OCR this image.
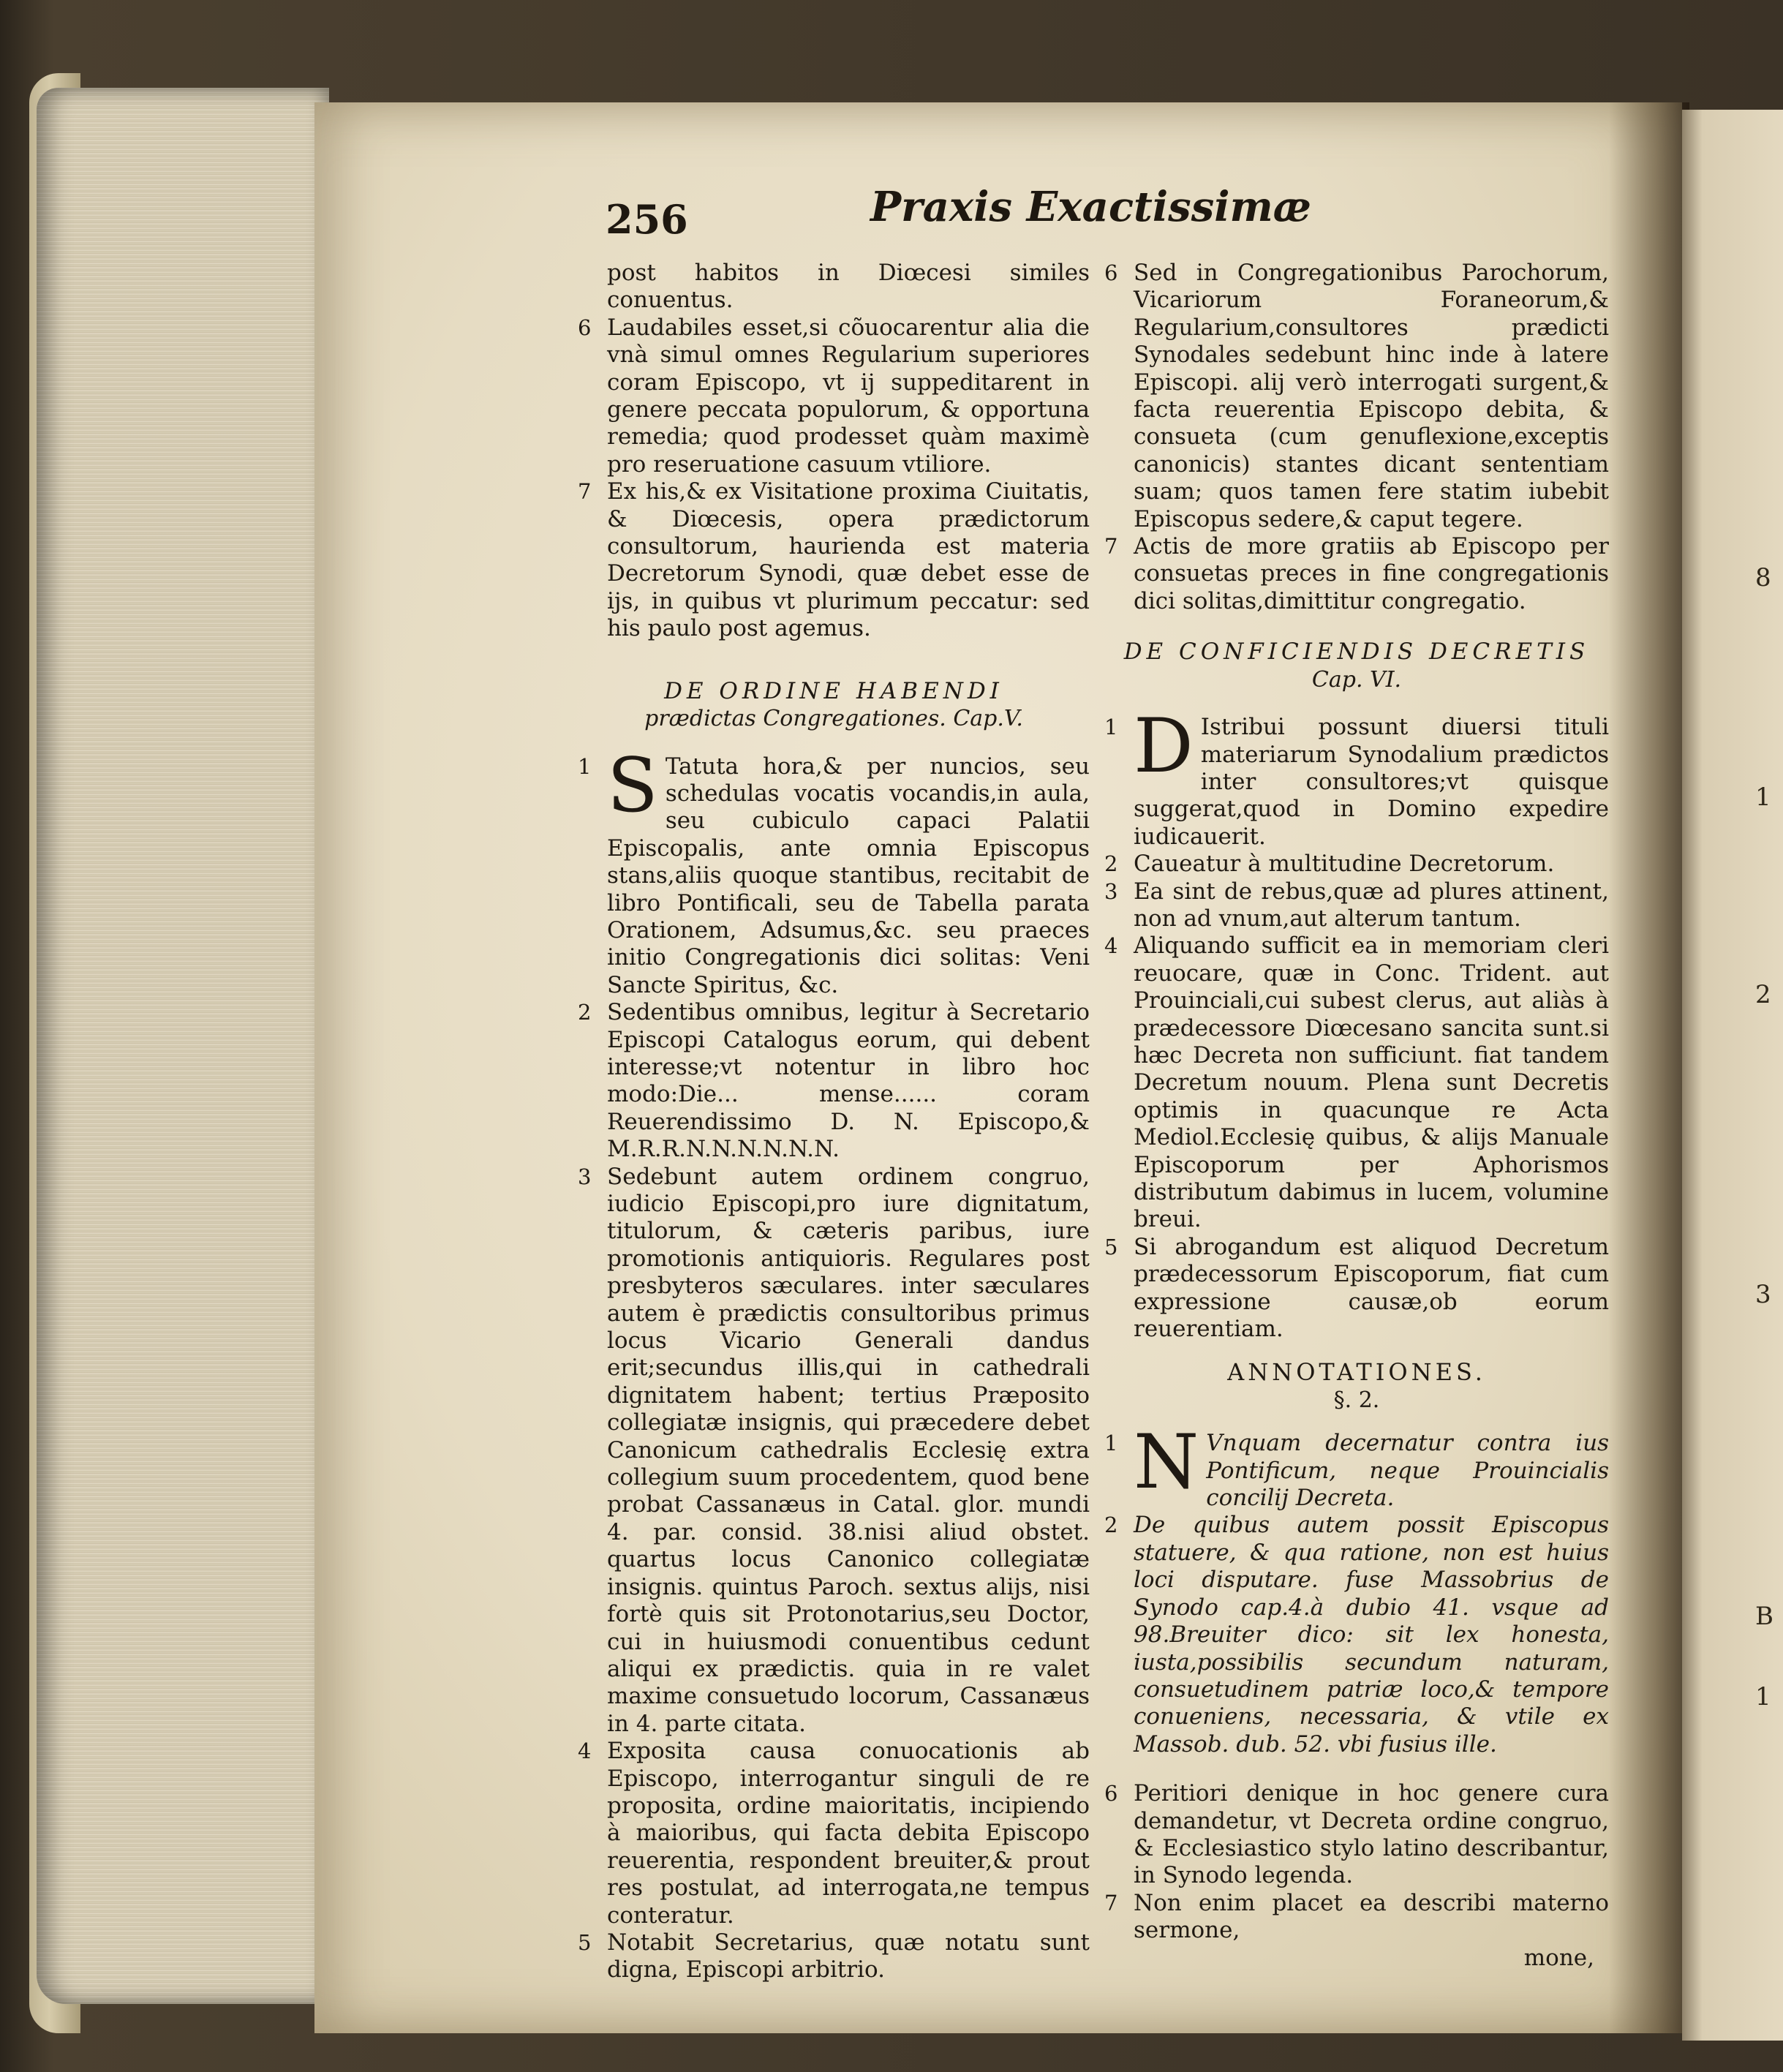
8
1
2
3
B
1
256	Praxis Exactissimæ

post habitos in Diœcesi similes conuentus.

6 Laudabiles esset,si cõuocarentur alia die vnà simul omnes Regularium superiores coram Episcopo, vt ij suppeditarent in genere peccata populorum, & opportuna remedia; quod prodesset quàm maximè pro reseruatione casuum vtiliore.

7 Ex his,& ex Visitatione proxima Ciuitatis, & Diœcesis, opera prædictorum consultorum, haurienda est materia Decretorum Synodi, quæ debet esse de ijs, in quibus vt plurimum peccatur: sed his paulo post agemus.

DE ORDINE HABENDI
prædictas Congregationes. Cap.V.

1 S Tatuta hora,& per nuncios, seu schedulas vocatis vocandis,in aula, seu cubiculo capaci Palatii Episcopalis, ante omnia Episcopus stans,aliis quoque stantibus, recitabit de libro Pontificali, seu de Tabella parata Orationem, Adsumus,&c. seu praeces initio Congregationis dici solitas: Veni Sancte Spiritus, &c.

2 Sedentibus omnibus, legitur à Secretario Episcopi Catalogus eorum, qui debent interesse;vt notentur in libro hoc modo:Die... mense...... coram Reuerendissimo D. N. Episcopo,& M.R.R.N.N.N.N.N.N.

3 Sedebunt autem ordinem congruo, iudicio Episcopi,pro iure dignitatum, titulorum, & cæteris paribus, iure promotionis antiquioris. Regulares post presbyteros sæculares. inter sæculares autem è prædictis consultoribus primus locus Vicario Generali dandus erit;secundus illis,qui in cathedrali dignitatem habent; tertius Præposito collegiatæ insignis, qui præcedere debet Canonicum cathedralis Ecclesię extra collegium suum procedentem, quod bene probat Cassanæus in Catal. glor. mundi 4. par. consid. 38.nisi aliud obstet. quartus locus Canonico collegiatæ insignis. quintus Paroch. sextus alijs, nisi fortè quis sit Protonotarius,seu Doctor, cui in huiusmodi conuentibus cedunt aliqui ex prædictis. quia in re valet maxime consuetudo locorum, Cassanæus in 4. parte citata.

4 Exposita causa conuocationis ab Episcopo, interrogantur singuli de re proposita, ordine maioritatis, incipiendo à maioribus, qui facta debita Episcopo reuerentia, respondent breuiter,& prout res postulat, ad interrogata,ne tempus conteratur.

5 Notabit Secretarius, quæ notatu sunt digna, Episcopi arbitrio.

6 Sed in Congregationibus Parochorum, Vicariorum Foraneorum,& Regularium,consultores prædicti Synodales sedebunt hinc inde à latere Episcopi. alij verò interrogati surgent,& facta reuerentia Episcopo debita, & consueta (cum genuflexione,exceptis canonicis) stantes dicant sententiam suam; quos tamen fere statim iubebit Episcopus sedere,& caput tegere.

7 Actis de more gratiis ab Episcopo per consuetas preces in fine congregationis dici solitas,dimittitur congregatio.

DE CONFICIENDIS DECRETIS
Cap. VI.

1 D Istribui possunt diuersi tituli materiarum Synodalium prædictos inter consultores;vt quisque suggerat,quod in Domino expedire iudicauerit.

2 Caueatur à multitudine Decretorum.

3 Ea sint de rebus,quæ ad plures attinent, non ad vnum,aut alterum tantum.

4 Aliquando sufficit ea in memoriam cleri reuocare, quæ in Conc. Trident. aut Prouinciali,cui subest clerus, aut aliàs à prædecessore Diœcesano sancita sunt.si hæc Decreta non sufficiunt. fiat tandem Decretum nouum. Plena sunt Decretis optimis in quacunque re Acta Mediol.Ecclesię quibus, & alijs Manuale Episcoporum per Aphorismos distributum dabimus in lucem, volumine breui.

5 Si abrogandum est aliquod Decretum prædecessorum Episcoporum, fiat cum expressione causæ,ob eorum reuerentiam.

ANNOTATIONES.
§. 2.

1 N Vnquam decernatur contra ius Pontificum, neque Prouincialis concilij Decreta.

2 De quibus autem possit Episcopus statuere, & qua ratione, non est huius loci disputare. fuse Massobrius de Synodo cap.4.à dubio 41. vsque ad 98.Breuiter dico: sit lex honesta, iusta,possibilis secundum naturam, consuetudinem patriæ loco,& tempore conueniens, necessaria, & vtile ex Massob. dub. 52. vbi fusius ille.

6 Peritiori denique in hoc genere cura demandetur, vt Decreta ordine congruo, & Ecclesiastico stylo latino describantur, in Synodo legenda.

7 Non enim placet ea describi materno sermone,

mone,
